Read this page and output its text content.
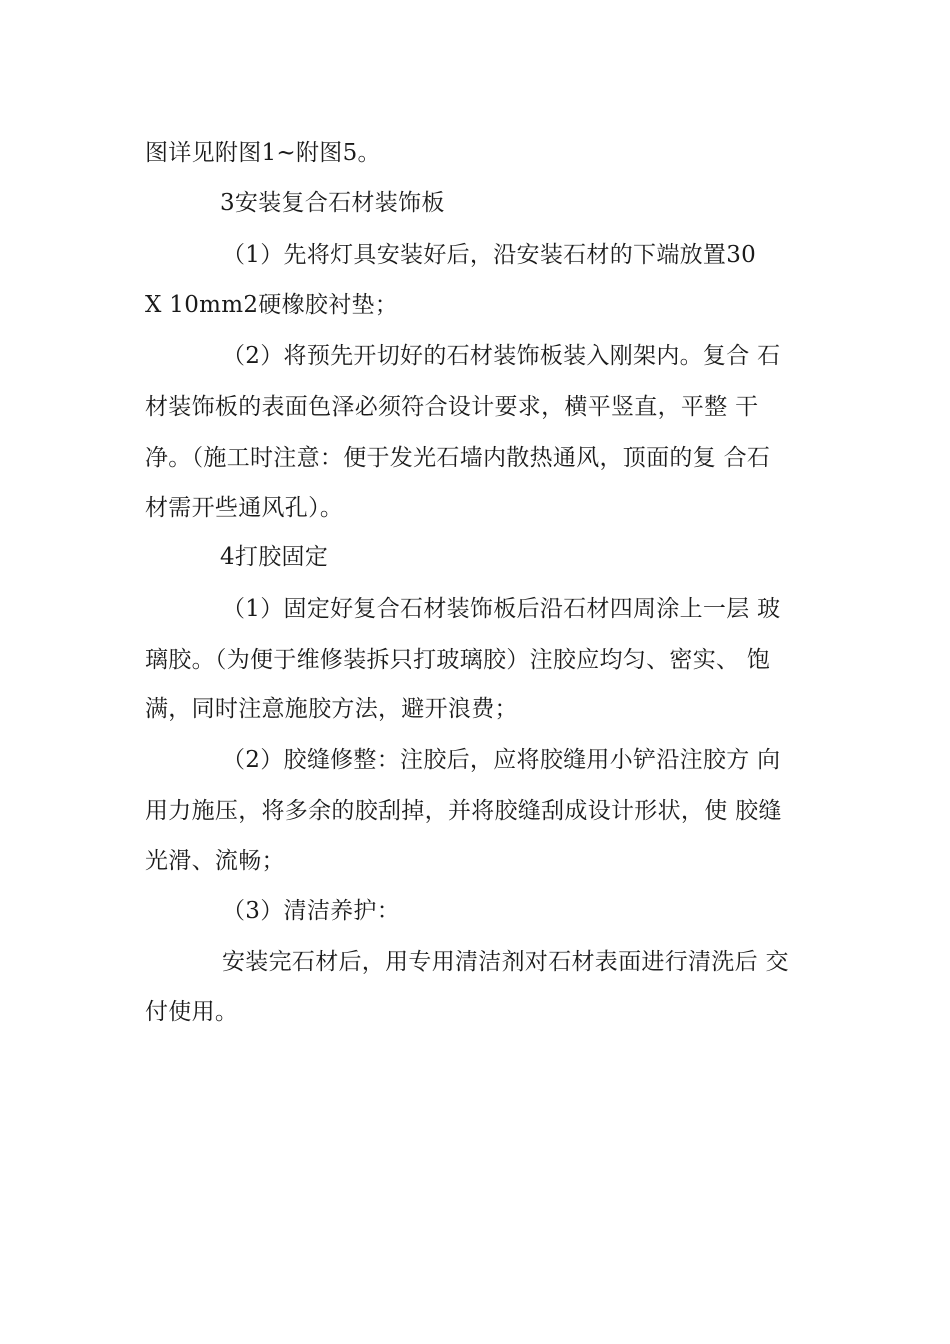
图详见附图1~附图5。
3安装复合石材装饰板
（1）先将灯具安装好后，沿安装石材的下端放置30
X 10mm2硬橡胶衬垫；
（2）将预先开切好的石材装饰板装入刚架内。复合 石
材装饰板的表面色泽必须符合设计要求，横平竖直，平整 干
净。（施工时注意：便于发光石墙内散热通风，顶面的复 合石
材需开些通风孔）。
4打胶固定
（1）固定好复合石材装饰板后沿石材四周涂上一层 玻
璃胶。（为便于维修装拆只打玻璃胶）注胶应均匀、密实、 饱
满，同时注意施胶方法，避开浪费；
（2）胶缝修整：注胶后，应将胶缝用小铲沿注胶方 向
用力施压，将多余的胶刮掉，并将胶缝刮成设计形状，使 胶缝
光滑、流畅；
（3）清洁养护：
安装完石材后，用专用清洁剂对石材表面进行清洗后 交
付使用。
